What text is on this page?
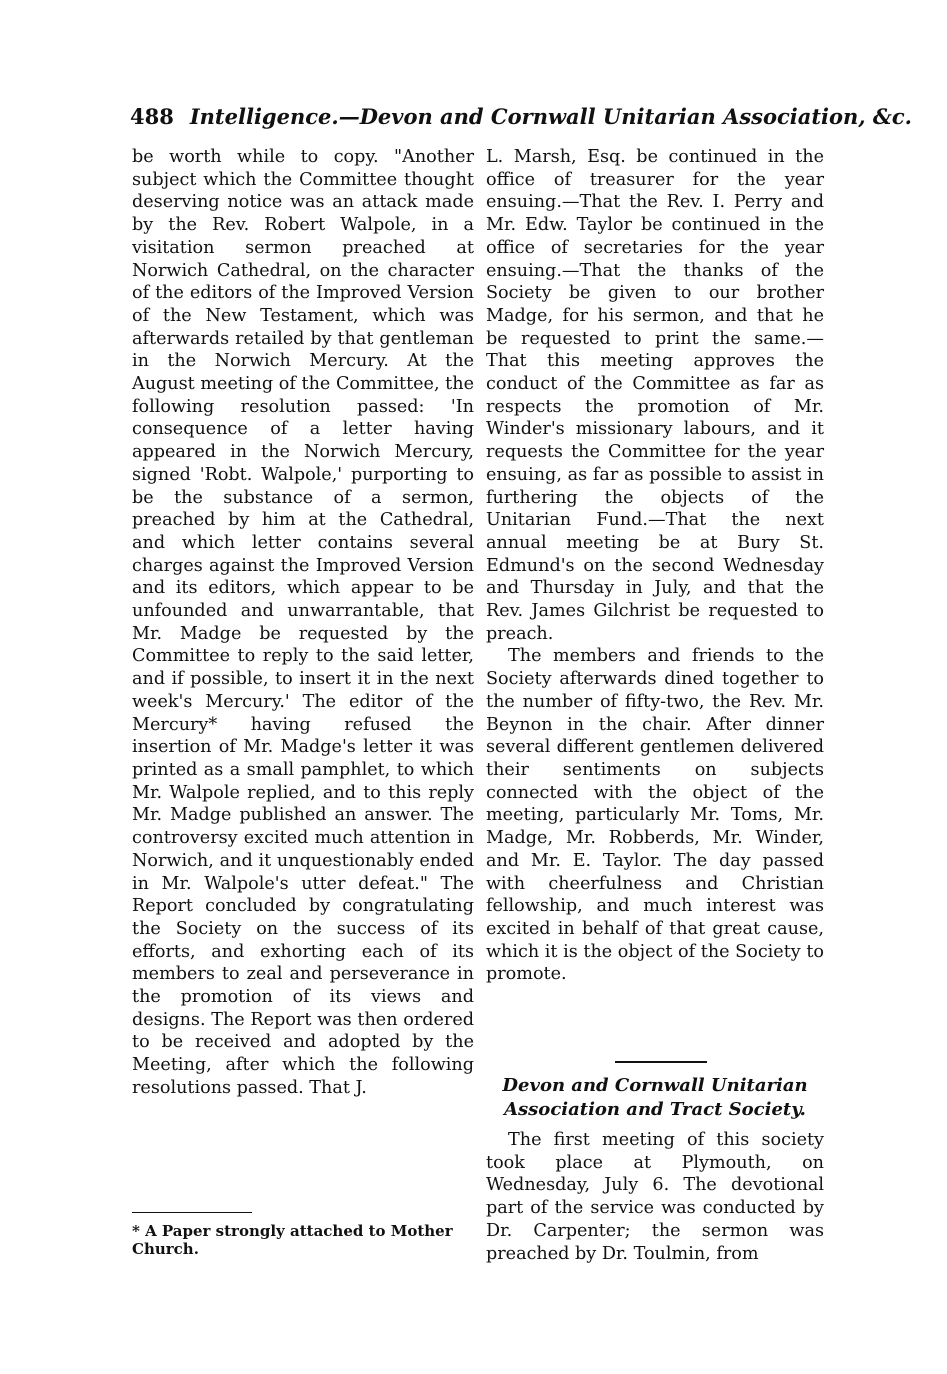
488 Intelligence.—Devon and Cornwall Unitarian Association, &c.

be worth while to copy. "Another subject which the Committee thought deserving notice was an attack made by the Rev. Robert Walpole, in a visitation sermon preached at Norwich Cathedral, on the character of the editors of the Improved Version of the New Testament, which was afterwards retailed by that gentleman in the Norwich Mercury. At the August meeting of the Committee, the following resolution passed: 'In consequence of a letter having appeared in the Norwich Mercury, signed 'Robt. Walpole,' purporting to be the substance of a sermon, preached by him at the Cathedral, and which letter contains several charges against the Improved Version and its editors, which appear to be unfounded and unwarrantable, that Mr. Madge be requested by the Committee to reply to the said letter, and if possible, to insert it in the next week's Mercury.' The editor of the Mercury* having refused the insertion of Mr. Madge's letter it was printed as a small pamphlet, to which Mr. Walpole replied, and to this reply Mr. Madge published an answer. The controversy excited much attention in Norwich, and it unquestionably ended in Mr. Walpole's utter defeat." The Report concluded by congratulating the Society on the success of its efforts, and exhorting each of its members to zeal and perseverance in the promotion of its views and designs. The Report was then ordered to be received and adopted by the Meeting, after which the following resolutions passed. That J.

L. Marsh, Esq. be continued in the office of treasurer for the year ensuing.—That the Rev. I. Perry and Mr. Edw. Taylor be continued in the office of secretaries for the year ensuing.—That the thanks of the Society be given to our brother Madge, for his sermon, and that he be requested to print the same.—That this meeting approves the conduct of the Committee as far as respects the promotion of Mr. Winder's missionary labours, and it requests the Committee for the year ensuing, as far as possible to assist in furthering the objects of the Unitarian Fund.—That the next annual meeting be at Bury St. Edmund's on the second Wednesday and Thursday in July, and that the Rev. James Gilchrist be requested to preach.

The members and friends to the Society afterwards dined together to the number of fifty-two, the Rev. Mr. Beynon in the chair. After dinner several different gentlemen delivered their sentiments on subjects connected with the object of the meeting, particularly Mr. Toms, Mr. Madge, Mr. Robberds, Mr. Winder, and Mr. E. Taylor. The day passed with cheerfulness and Christian fellowship, and much interest was excited in behalf of that great cause, which it is the object of the Society to promote.

Devon and Cornwall Unitarian
Association and Tract Society.

The first meeting of this society took place at Plymouth, on Wednesday, July 6. The devotional part of the service was conducted by Dr. Carpenter; the sermon was preached by Dr. Toulmin, from

* A Paper strongly attached to Mother Church.
